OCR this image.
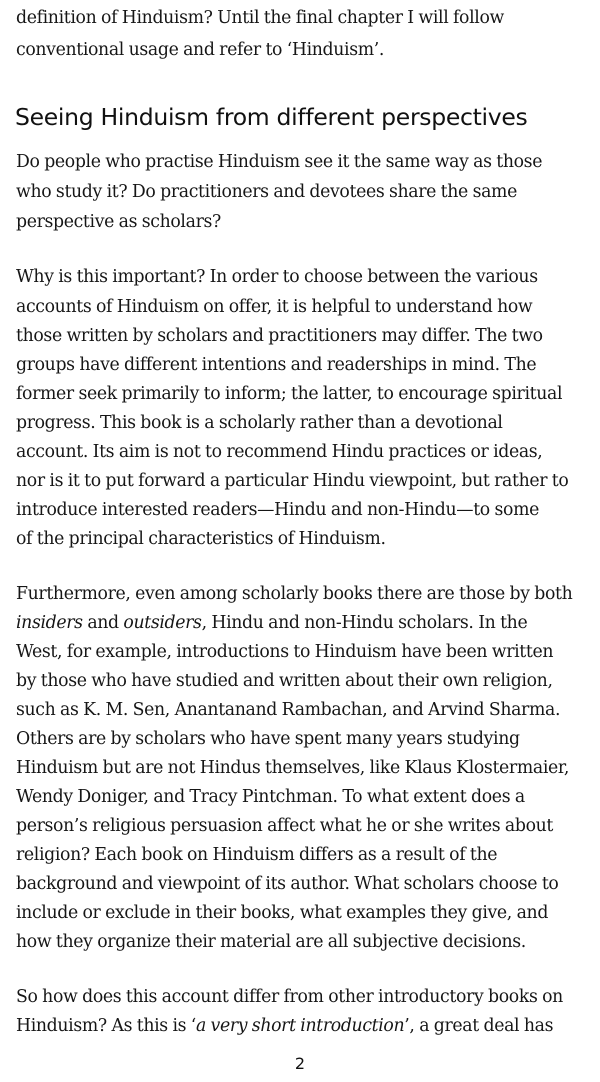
definition of Hinduism? Until the final chapter I will follow
conventional usage and refer to ‘Hinduism’.
Seeing Hinduism from different perspectives
Do people who practise Hinduism see it the same way as those
who study it? Do practitioners and devotees share the same
perspective as scholars?
Why is this important? In order to choose between the various
accounts of Hinduism on offer, it is helpful to understand how
those written by scholars and practitioners may differ. The two
groups have different intentions and readerships in mind. The
former seek primarily to inform; the latter, to encourage spiritual
progress. This book is a scholarly rather than a devotional
account. Its aim is not to recommend Hindu practices or ideas,
nor is it to put forward a particular Hindu viewpoint, but rather to
introduce interested readers—Hindu and non-Hindu—to some
of the principal characteristics of Hinduism.
Furthermore, even among scholarly books there are those by both
insiders and outsiders, Hindu and non-Hindu scholars. In the
West, for example, introductions to Hinduism have been written
by those who have studied and written about their own religion,
such as K. M. Sen, Anantanand Rambachan, and Arvind Sharma.
Others are by scholars who have spent many years studying
Hinduism but are not Hindus themselves, like Klaus Klostermaier,
Wendy Doniger, and Tracy Pintchman. To what extent does a
person’s religious persuasion affect what he or she writes about
religion? Each book on Hinduism differs as a result of the
background and viewpoint of its author. What scholars choose to
include or exclude in their books, what examples they give, and
how they organize their material are all subjective decisions.
So how does this account differ from other introductory books on
Hinduism? As this is ‘a very short introduction’, a great deal has
2
